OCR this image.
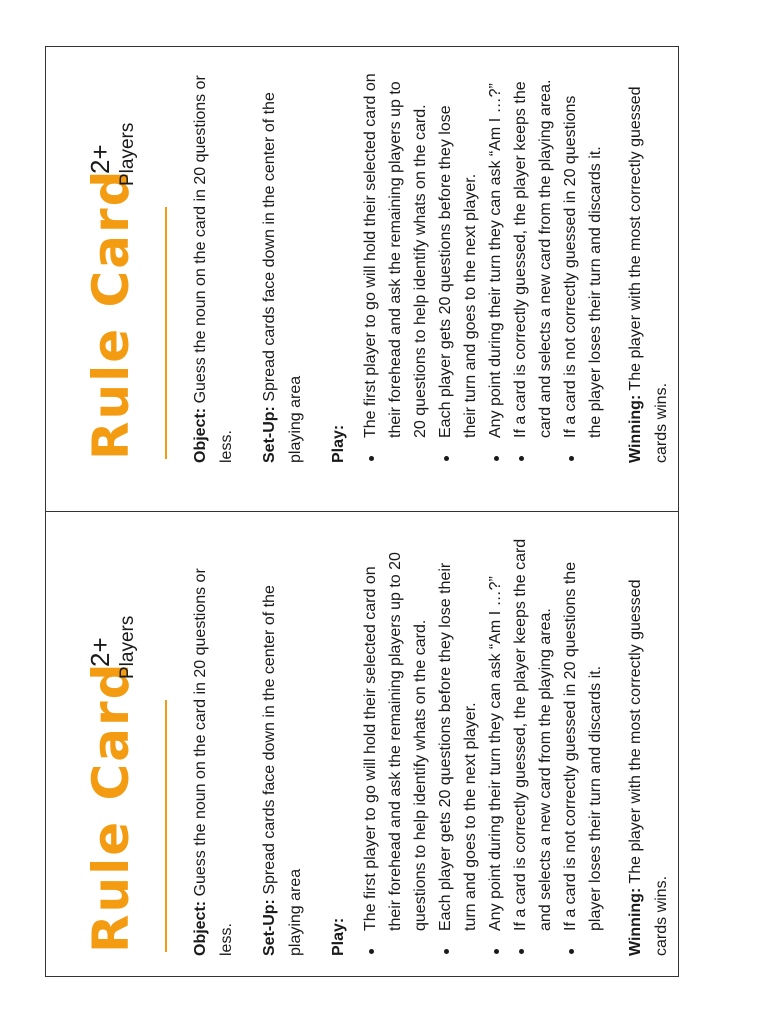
Rule Card
2+ Players
Object: Guess the noun on the card in 20 questions or less.	Set-Up: Spread cards face down in the center of the playing area	Play:
The first player to go will hold their selected card on their forehead and ask the remaining players up to 20 questions to help identify whats on the card. Each player gets 20 questions before they lose their turn and goes to the next player. Any point during their turn they can ask “Am I …?” If a card is correctly guessed, the player keeps the card and selects a new card from the playing area. If a card is not correctly guessed in 20 questions the player loses their turn and discards it. Winning: The player with the most correctly guessed cards wins.
Rule Card
2+ Players
Object: Guess the noun on the card in 20 questions or less.	Set-Up: Spread cards face down in the center of the playing area	Play:
The first player to go will hold their selected card on their forehead and ask the remaining players up to 20 questions to help identify whats on the card. Each player gets 20 questions before they lose their turn and goes to the next player. Any point during their turn they can ask “Am I …?” If a card is correctly guessed, the player keeps the card and selects a new card from the playing area. If a card is not correctly guessed in 20 questions the player loses their turn and discards it. Winning: The player with the most correctly guessed cards wins.
